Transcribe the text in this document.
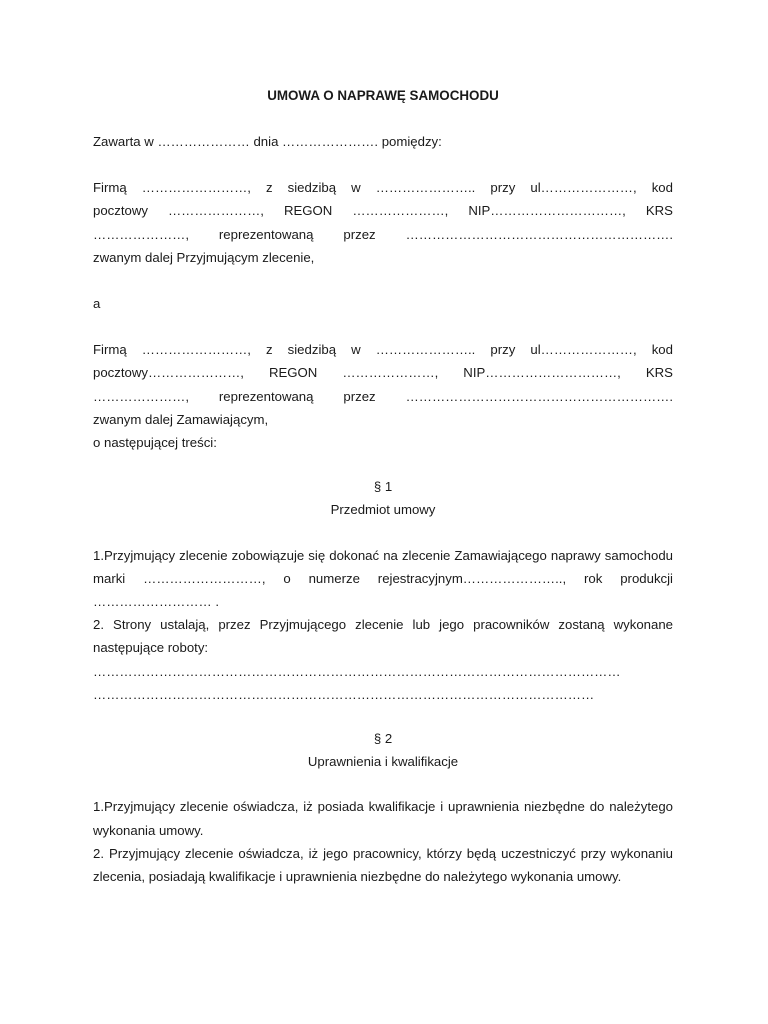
UMOWA O NAPRAWĘ SAMOCHODU

Zawarta w ………………… dnia …………………. pomiędzy:

Firmą ……………………, z siedzibą w ………………….. przy ul…………………, kod
pocztowy …………………, REGON …………………, NIP…………………………, KRS
…………………, reprezentowaną przez …………………………………………………….

zwanym dalej Przyjmującym zlecenie,

a

Firmą ……………………, z siedzibą w ………………….. przy ul…………………, kod
pocztowy…………………, REGON …………………, NIP…………………………, KRS
…………………, reprezentowaną przez …………………………………………………….

zwanym dalej Zamawiającym,

o następującej treści:

§ 1
Przedmiot umowy

1.Przyjmujący zlecenie zobowiązuje się dokonać na zlecenie Zamawiającego naprawy samochodu marki ………………………, o numerze rejestracyjnym………………….., rok produkcji ……………………… .

2. Strony ustalają, przez Przyjmującego zlecenie lub jego pracowników zostaną wykonane następujące roboty:

…………………………………………………………………………………………………………
……………………………………………………………………………………………………
§ 2
Uprawnienia i kwalifikacje

1.Przyjmujący zlecenie oświadcza, iż posiada kwalifikacje i uprawnienia niezbędne do należytego wykonania umowy.

2. Przyjmujący zlecenie oświadcza, iż jego pracownicy, którzy będą uczestniczyć przy wykonaniu zlecenia, posiadają kwalifikacje i uprawnienia niezbędne do należytego wykonania umowy.
